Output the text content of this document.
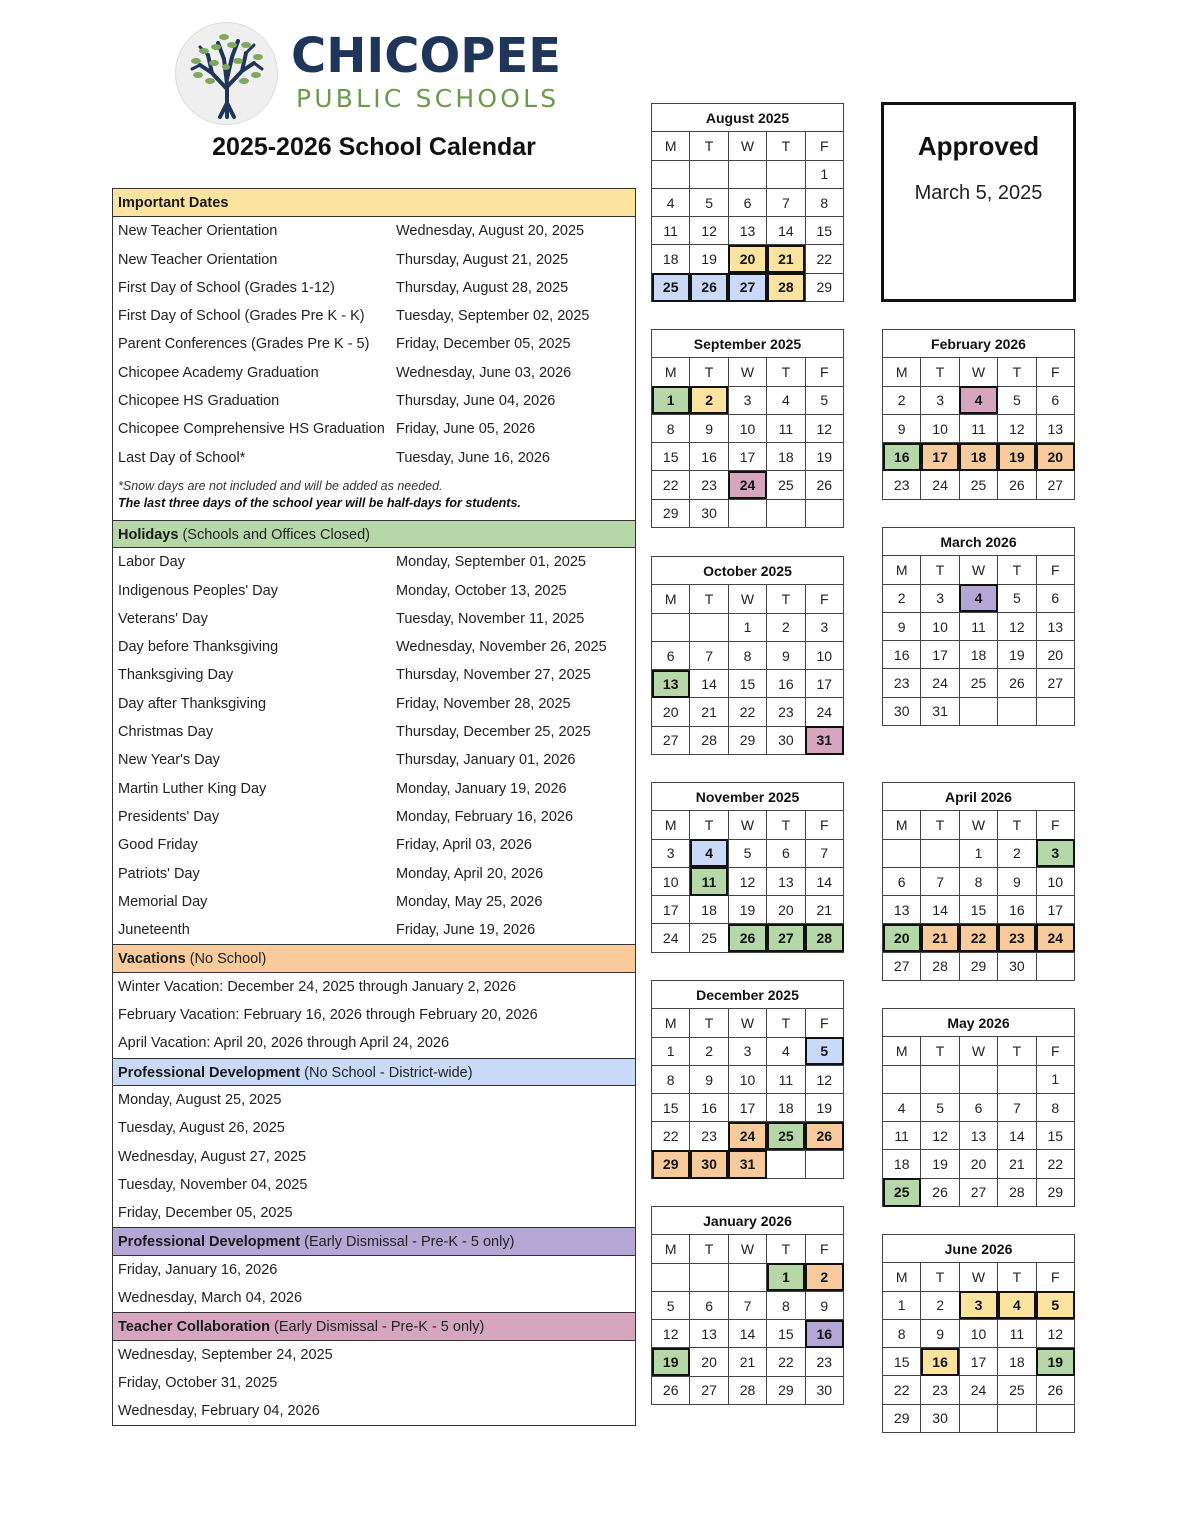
CHICOPEE
PUBLIC SCHOOLS
2025-2026 School Calendar
Important Dates
New Teacher Orientation	Wednesday, August 20, 2025
New Teacher Orientation	Thursday, August 21, 2025
First Day of School (Grades 1-12)	Thursday, August 28, 2025
First Day of School (Grades Pre K - K) Tuesday, September 02, 2025
Parent Conferences (Grades Pre K - 5) Friday, December 05, 2025
Chicopee Academy Graduation	Wednesday, June 03, 2026
Chicopee HS Graduation	Thursday, June 04, 2026
Chicopee Comprehensive HS Graduation Friday, June 05, 2026
Last Day of School*	Tuesday, June 16, 2026
*Snow days are not included and will be added as needed.
The last three days of the school year will be half-days for students.
Holidays (Schools and Offices Closed)
Labor Day	Monday, September 01, 2025
Indigenous Peoples' Day	Monday, October 13, 2025
Veterans' Day	Tuesday, November 11, 2025
Day before Thanksgiving	Wednesday, November 26, 2025
Thanksgiving Day	Thursday, November 27, 2025
Day after Thanksgiving	Friday, November 28, 2025
Christmas Day	Thursday, December 25, 2025
New Year's Day	Thursday, January 01, 2026
Martin Luther King Day	Monday, January 19, 2026
Presidents' Day	Monday, February 16, 2026
Good Friday	Friday, April 03, 2026
Patriots' Day	Monday, April 20, 2026
Memorial Day	Monday, May 25, 2026
Juneteenth	Friday, June 19, 2026
Vacations (No School)
Winter Vacation: December 24, 2025 through January 2, 2026
February Vacation: February 16, 2026 through February 20, 2026
April Vacation: April 20, 2026 through April 24, 2026
Professional Development (No School - District-wide)
Monday, August 25, 2025
Tuesday, August 26, 2025
Wednesday, August 27, 2025
Tuesday, November 04, 2025
Friday, December 05, 2025
Professional Development (Early Dismissal - Pre-K - 5 only)
Friday, January 16, 2026
Wednesday, March 04, 2026
Teacher Collaboration (Early Dismissal - Pre-K - 5 only)
Wednesday, September 24, 2025
Friday, October 31, 2025
Wednesday, February 04, 2026
Approved
March 5, 2025
August 2025				
M	T	W	T	F
				1
4	5	6	7	8
11	12	13	14	15
18	19	20	21	22
25	26	27	28	29
September 2025				
M	T	W	T	F
1	2	3	4	5
8	9	10	11	12
15	16	17	18	19
22	23	24	25	26
29	30			
October 2025				
M	T	W	T	F
		1	2	3
6	7	8	9	10
13	14	15	16	17
20	21	22	23	24
27	28	29	30	31
November 2025				
M	T	W	T	F
3	4	5	6	7
10	11	12	13	14
17	18	19	20	21
24	25	26	27	28
December 2025				
M	T	W	T	F
1	2	3	4	5
8	9	10	11	12
15	16	17	18	19
22	23	24	25	26
29	30	31		
January 2026				
M	T	W	T	F
			1	2
5	6	7	8	9
12	13	14	15	16
19	20	21	22	23
26	27	28	29	30
February 2026				
M	T	W	T	F
2	3	4	5	6
9	10	11	12	13
16	17	18	19	20
23	24	25	26	27
March 2026				
M	T	W	T	F
2	3	4	5	6
9	10	11	12	13
16	17	18	19	20
23	24	25	26	27
30	31			
April 2026				
M	T	W	T	F
		1	2	3
6	7	8	9	10
13	14	15	16	17
20	21	22	23	24
27	28	29	30	
May 2026				
M	T	W	T	F
				1
4	5	6	7	8
11	12	13	14	15
18	19	20	21	22
25	26	27	28	29
June 2026				
M	T	W	T	F
1	2	3	4	5
8	9	10	11	12
15	16	17	18	19
22	23	24	25	26
29	30			
